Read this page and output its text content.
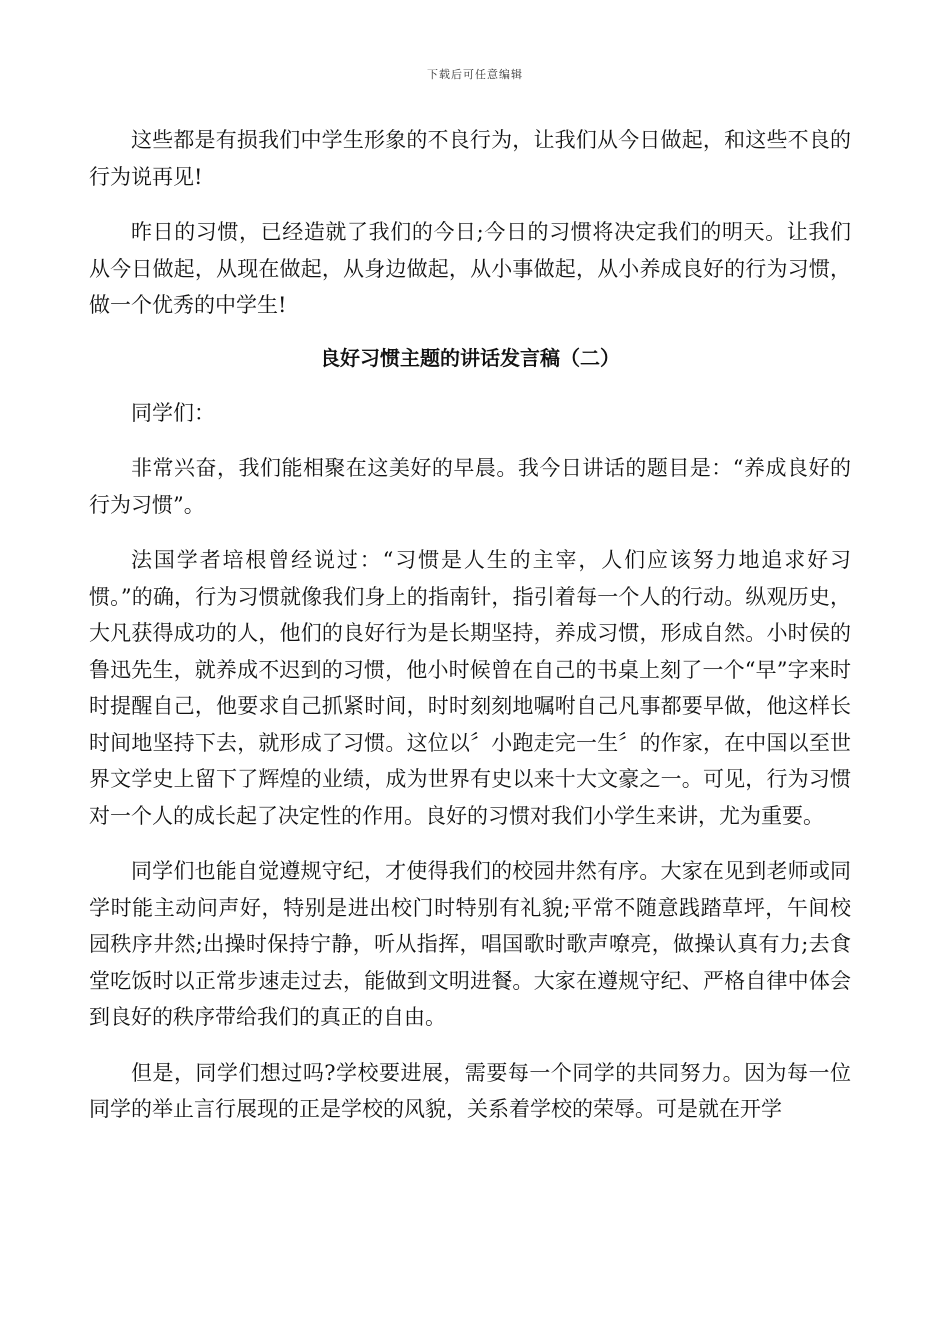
下载后可任意编辑

这些都是有损我们中学生形象的不良行为，让我们从今日做起，和这些不良的行为说再见!

昨日的习惯，已经造就了我们的今日;今日的习惯将决定我们的明天。让我们从今日做起，从现在做起，从身边做起，从小事做起，从小养成良好的行为习惯，做一个优秀的中学生!

良好习惯主题的讲话发言稿（二）

同学们：

非常兴奋，我们能相聚在这美好的早晨。我今日讲话的题目是：“养成良好的行为习惯”。

法国学者培根曾经说过：“习惯是人生的主宰，人们应该努力地追求好习惯。”的确，行为习惯就像我们身上的指南针，指引着每一个人的行动。纵观历史，大凡获得成功的人，他们的良好行为是长期坚持，养成习惯，形成自然。小时侯的鲁迅先生，就养成不迟到的习惯，他小时候曾在自己的书桌上刻了一个“早”字来时时提醒自己，他要求自己抓紧时间，时时刻刻地嘱咐自己凡事都要早做，他这样长时间地坚持下去，就形成了习惯。这位以〞小跑走完一生〞的作家，在中国以至世界文学史上留下了辉煌的业绩，成为世界有史以来十大文豪之一。可见，行为习惯对一个人的成长起了决定性的作用。良好的习惯对我们小学生来讲，尤为重要。

同学们也能自觉遵规守纪，才使得我们的校园井然有序。大家在见到老师或同学时能主动问声好，特别是进出校门时特别有礼貌;平常不随意践踏草坪，午间校园秩序井然;出操时保持宁静，听从指挥，唱国歌时歌声嘹亮，做操认真有力;去食堂吃饭时以正常步速走过去，能做到文明进餐。大家在遵规守纪、严格自律中体会到良好的秩序带给我们的真正的自由。

但是，同学们想过吗?学校要进展，需要每一个同学的共同努力。因为每一位同学的举止言行展现的正是学校的风貌，关系着学校的荣辱。可是就在开学
